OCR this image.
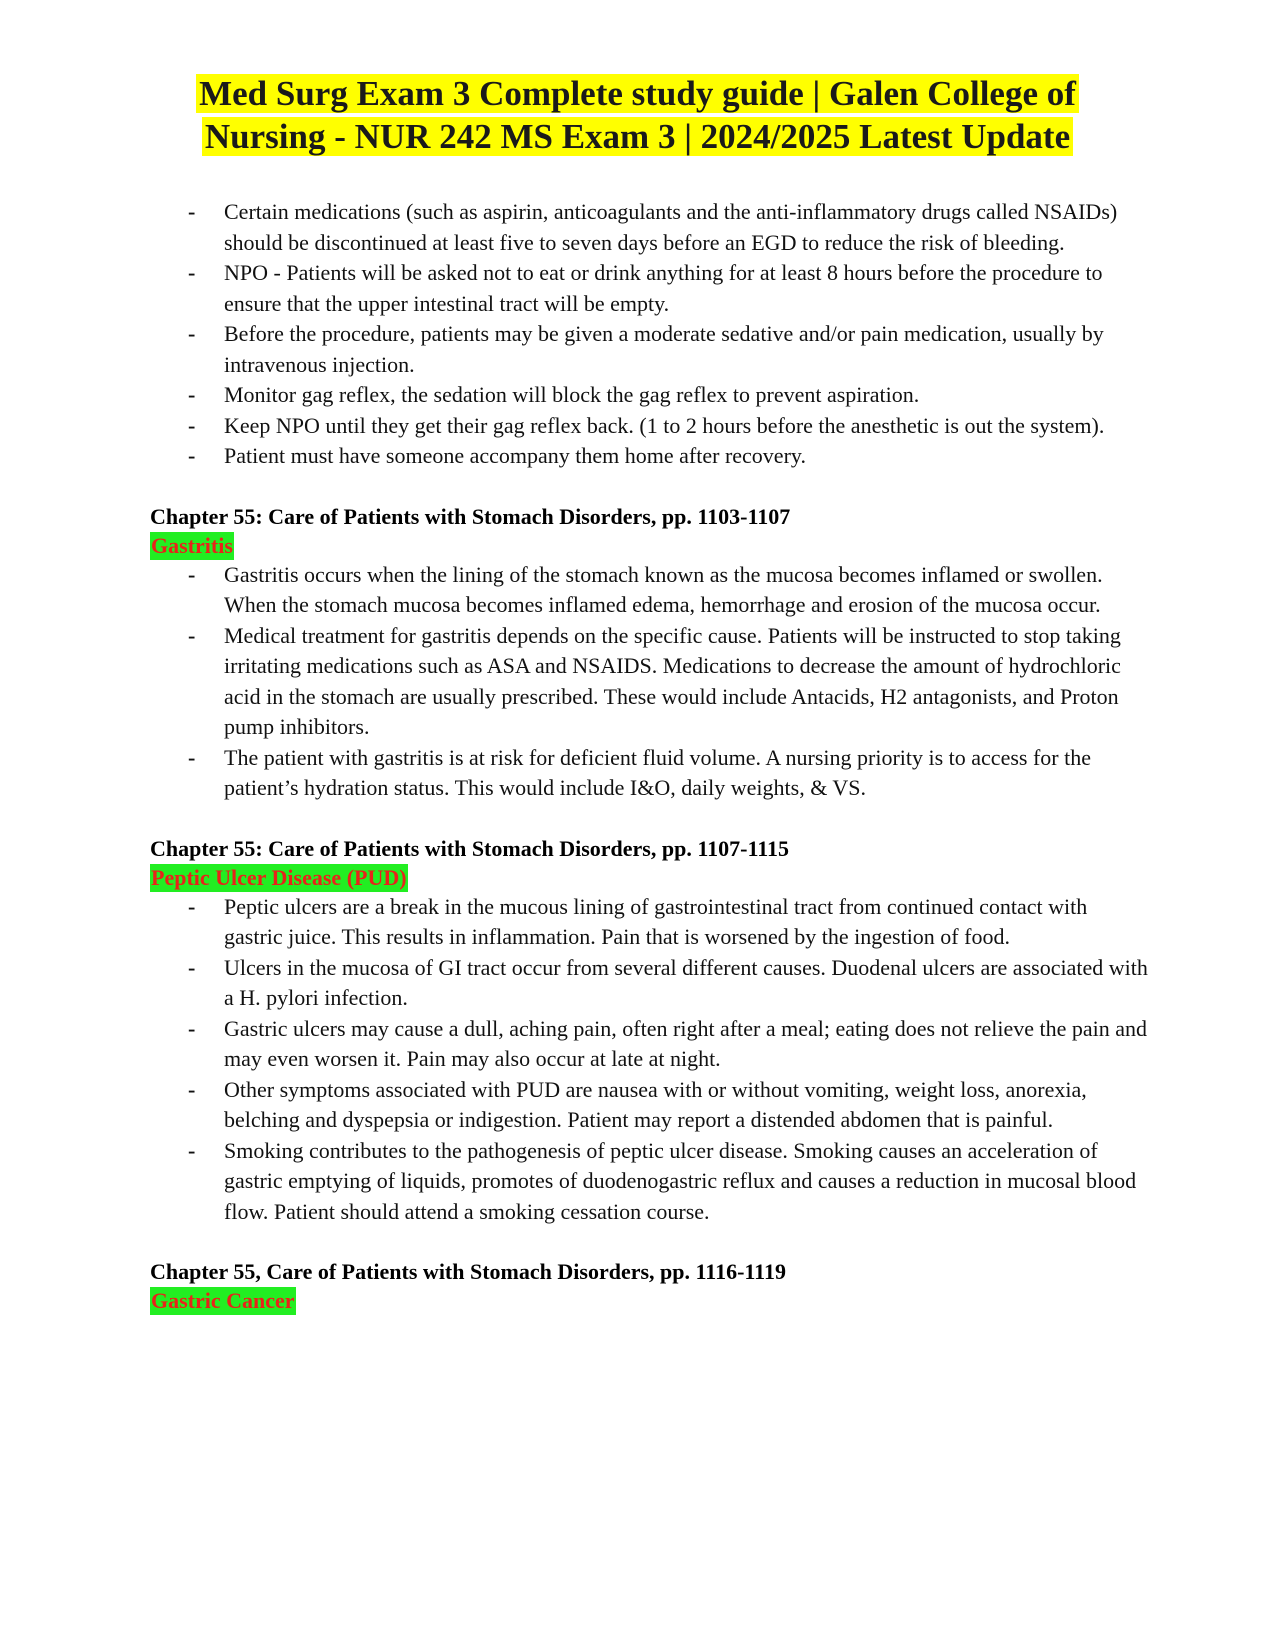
Med Surg Exam 3 Complete study guide | Galen College of
Nursing - NUR 242 MS Exam 3 | 2024/2025 Latest Update
- Certain medications (such as aspirin, anticoagulants and the anti-inflammatory drugs called NSAIDs) should be discontinued at least five to seven days before an EGD to reduce the risk of bleeding.
- NPO - Patients will be asked not to eat or drink anything for at least 8 hours before the procedure to ensure that the upper intestinal tract will be empty.
- Before the procedure, patients may be given a moderate sedative and/or pain medication, usually by intravenous injection.
- Monitor gag reflex, the sedation will block the gag reflex to prevent aspiration.
- Keep NPO until they get their gag reflex back. (1 to 2 hours before the anesthetic is out the system).
- Patient must have someone accompany them home after recovery.
Chapter 55: Care of Patients with Stomach Disorders, pp. 1103-1107
Gastritis
- Gastritis occurs when the lining of the stomach known as the mucosa becomes inflamed or swollen. When the stomach mucosa becomes inflamed edema, hemorrhage and erosion of the mucosa occur.
- Medical treatment for gastritis depends on the specific cause. Patients will be instructed to stop taking irritating medications such as ASA and NSAIDS. Medications to decrease the amount of hydrochloric acid in the stomach are usually prescribed. These would include Antacids, H2 antagonists, and Proton pump inhibitors.
- The patient with gastritis is at risk for deficient fluid volume. A nursing priority is to access for the patient’s hydration status. This would include I&O, daily weights, & VS.
Chapter 55: Care of Patients with Stomach Disorders, pp. 1107-1115
Peptic Ulcer Disease (PUD)
- Peptic ulcers are a break in the mucous lining of gastrointestinal tract from continued contact with gastric juice. This results in inflammation. Pain that is worsened by the ingestion of food.
- Ulcers in the mucosa of GI tract occur from several different causes. Duodenal ulcers are associated with a H. pylori infection.
- Gastric ulcers may cause a dull, aching pain, often right after a meal; eating does not relieve the pain and may even worsen it. Pain may also occur at late at night.
- Other symptoms associated with PUD are nausea with or without vomiting, weight loss, anorexia, belching and dyspepsia or indigestion. Patient may report a distended abdomen that is painful.
- Smoking contributes to the pathogenesis of peptic ulcer disease. Smoking causes an acceleration of gastric emptying of liquids, promotes of duodenogastric reflux and causes a reduction in mucosal blood flow. Patient should attend a smoking cessation course.
Chapter 55, Care of Patients with Stomach Disorders, pp. 1116-1119
Gastric Cancer
